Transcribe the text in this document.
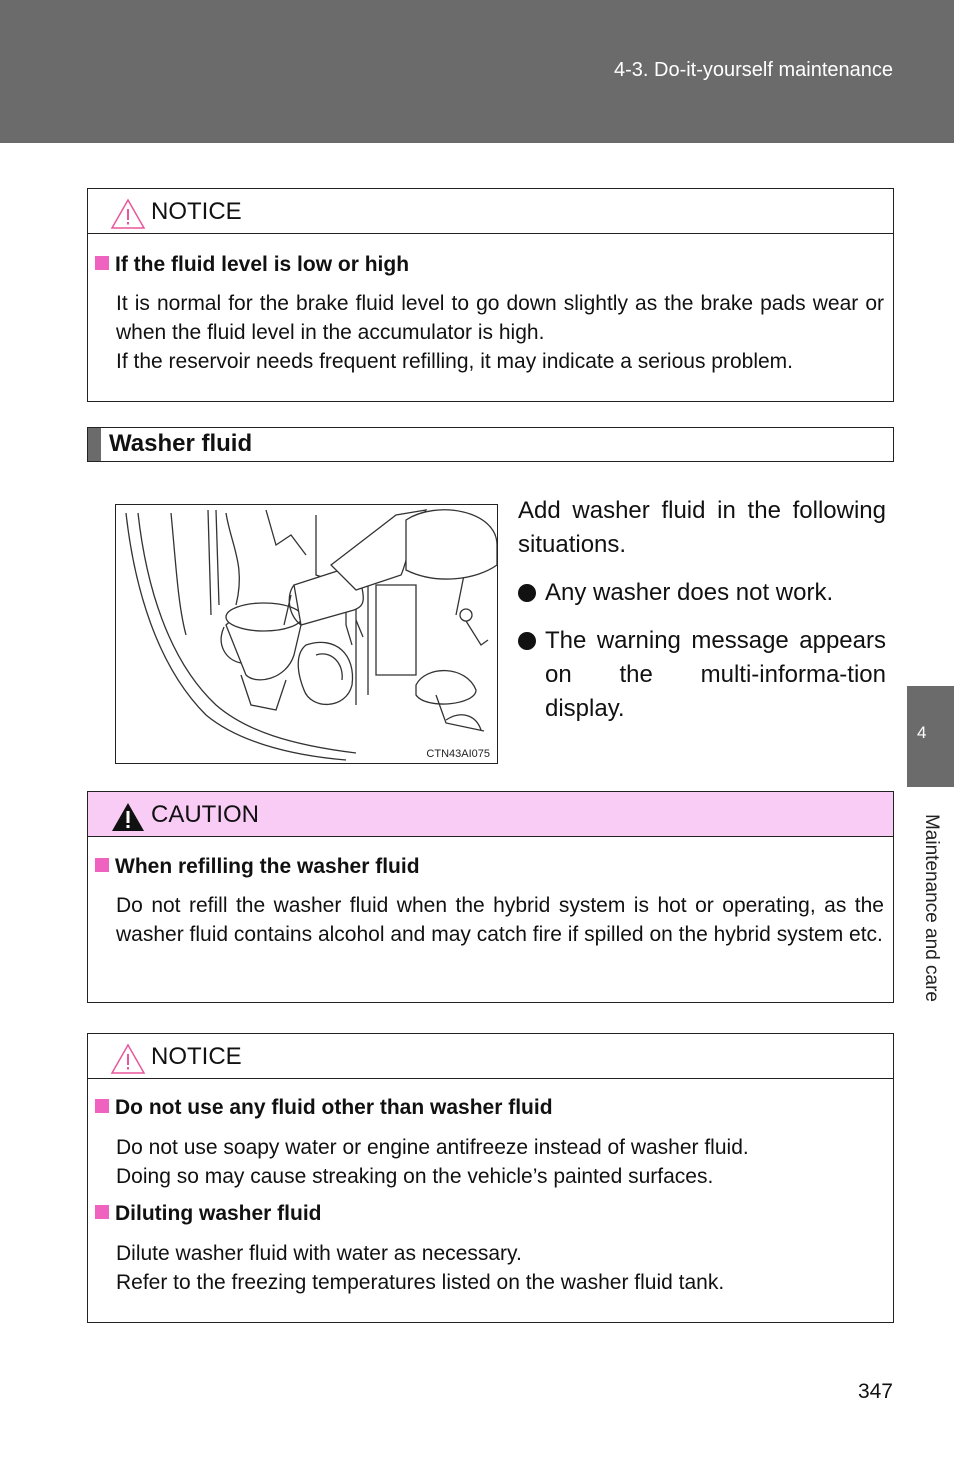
4-3. Do-it-yourself maintenance
NOTICE
If the fluid level is low or high

It is normal for the brake fluid level to go down slightly as the brake pads wear or when the fluid level in the accumulator is high.

If the reservoir needs frequent refilling, it may indicate a serious problem.

Washer fluid
CTN43AI075

Add washer fluid in the following situations.

Any washer does not work.
The warning message appears on the multi-informa-tion display.
CAUTION
When refilling the washer fluid

Do not refill the washer fluid when the hybrid system is hot or operating, as the washer fluid contains alcohol and may catch fire if spilled on the hybrid system etc.

NOTICE
Do not use any fluid other than washer fluid

Do not use soapy water or engine antifreeze instead of washer fluid.

Doing so may cause streaking on the vehicle’s painted surfaces.

Diluting washer fluid

Dilute washer fluid with water as necessary.

Refer to the freezing temperatures listed on the washer fluid tank.

4
Maintenance and care
347
